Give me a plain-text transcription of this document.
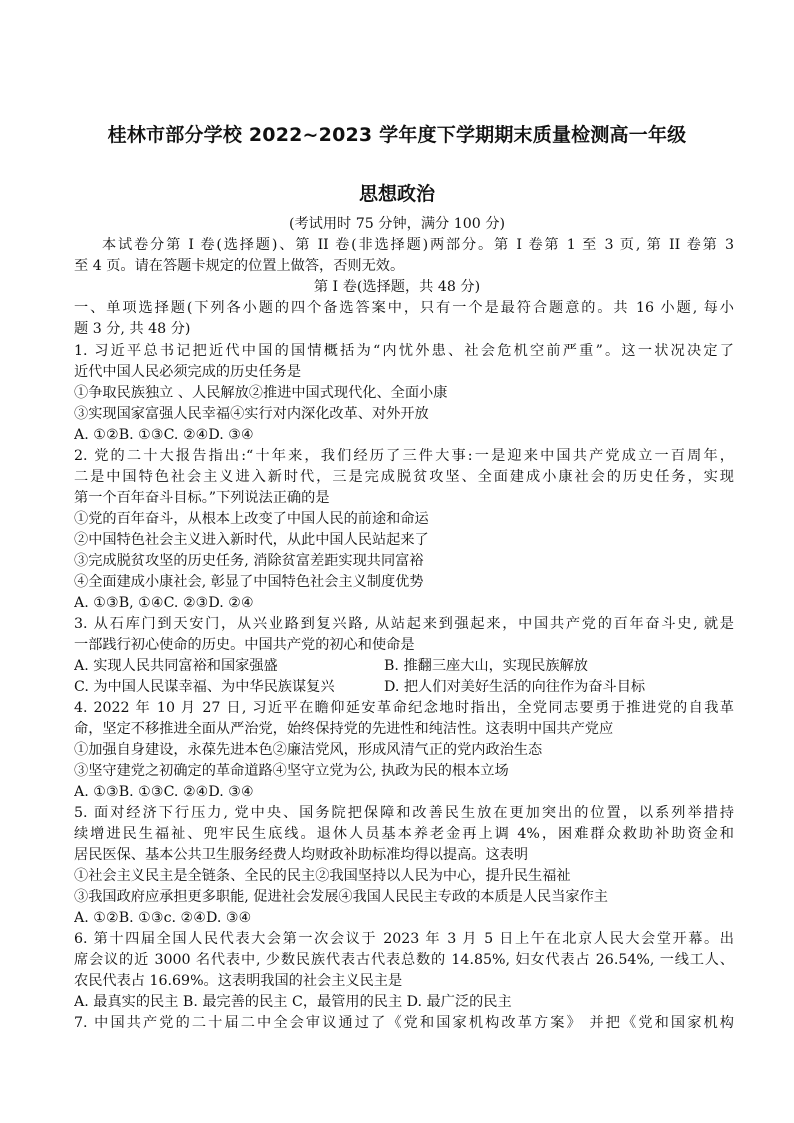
桂林市部分学校 2022~2023 学年度下学期期末质量检测高一年级
思想政治
(考试用时 75 分钟，满分 100 分)
本试卷分第 I 卷(选择题)、第 II 卷(非选择题)两部分。第 I 卷第 1 至 3 页, 第 II 卷第 3
至 4 页。请在答题卡规定的位置上做答，否则无效。
第 I 卷(选择题，共 48 分)
一、单项选择题(下列各小题的四个备选答案中，只有一个是最符合题意的。共 16 小题, 每小
题 3 分, 共 48 分)
1. 习近平总书记把近代中国的国情概括为“内忧外患、社会危机空前严重”。这一状况决定了
近代中国人民必须完成的历史任务是
①争取民族独立 、人民解放②推进中国式现代化、全面小康
③实现国家富强人民幸福④实行对内深化改革、对外开放
A. ①②B. ①③C. ②④D. ③④
2. 党的二十大报告指出:“十年来，我们经历了三件大事:一是迎来中国共产党成立一百周年，
二是中国特色社会主义进入新时代，三是完成脱贫攻坚、全面建成小康社会的历史任务，实现
第一个百年奋斗目标。”下列说法正确的是
①党的百年奋斗，从根本上改变了中国人民的前途和命运
②中国特色社会主义进入新时代，从此中国人民站起来了
③完成脱贫攻坚的历史任务, 消除贫富差距实现共同富裕
④全面建成小康社会, 彰显了中国特色社会主义制度优势
A. ①③B, ①④C. ②③D. ②④
3. 从石库门到天安门，从兴业路到复兴路, 从站起来到强起来，中国共产党的百年奋斗史, 就是
一部践行初心使命的历史。中国共产党的初心和使命是
A. 实现人民共同富裕和国家强盛	B. 推翻三座大山，实现民族解放
C. 为中国人民谋幸福、为中华民族谋复兴	D. 把人们对美好生活的向往作为奋斗目标
4. 2022 年 10 月 27 日, 习近平在瞻仰延安革命纪念地时指出，全党同志要勇于推进党的自我革
命，坚定不移推进全面从严治党，始终保持党的先进性和纯洁性。这表明中国共产党应
①加强自身建设，永葆先进本色②廉洁党风，形成风清气正的党内政治生态
③坚守建党之初确定的革命道路④坚守立党为公, 执政为民的根本立场
A. ①③B. ①③C. ②④D. ③④
5. 面对经济下行压力, 党中央、国务院把保障和改善民生放在更加突出的位置，以系列举措持
续增进民生福祉、兜牢民生底线。退休人员基本养老金再上调 4%，困难群众救助补助资金和
居民医保、基本公共卫生服务经费人均财政补助标准均得以提高。这表明
①社会主义民主是全链条、全民的民主②我国坚持以人民为中心，提升民生福祉
③我国政府应承担更多职能, 促进社会发展④我国人民民主专政的本质是人民当家作主
A. ①②B. ①③c. ②④D. ③④
6. 第十四届全国人民代表大会第一次会议于 2023 年 3 月 5 日上午在北京人民大会堂开幕。出
席会议的近 3000 名代表中, 少数民族代表古代表总数的 14.85%, 妇女代表占 26.54%, 一线工人、
农民代表占 16.69%。这表明我国的社会主义民主是
A. 最真实的民主 B. 最完善的民主 C，最管用的民主 D. 最广泛的民主
7. 中国共产党的二十届二中全会审议通过了《党和国家机构改革方案》 并把《党和国家机构
